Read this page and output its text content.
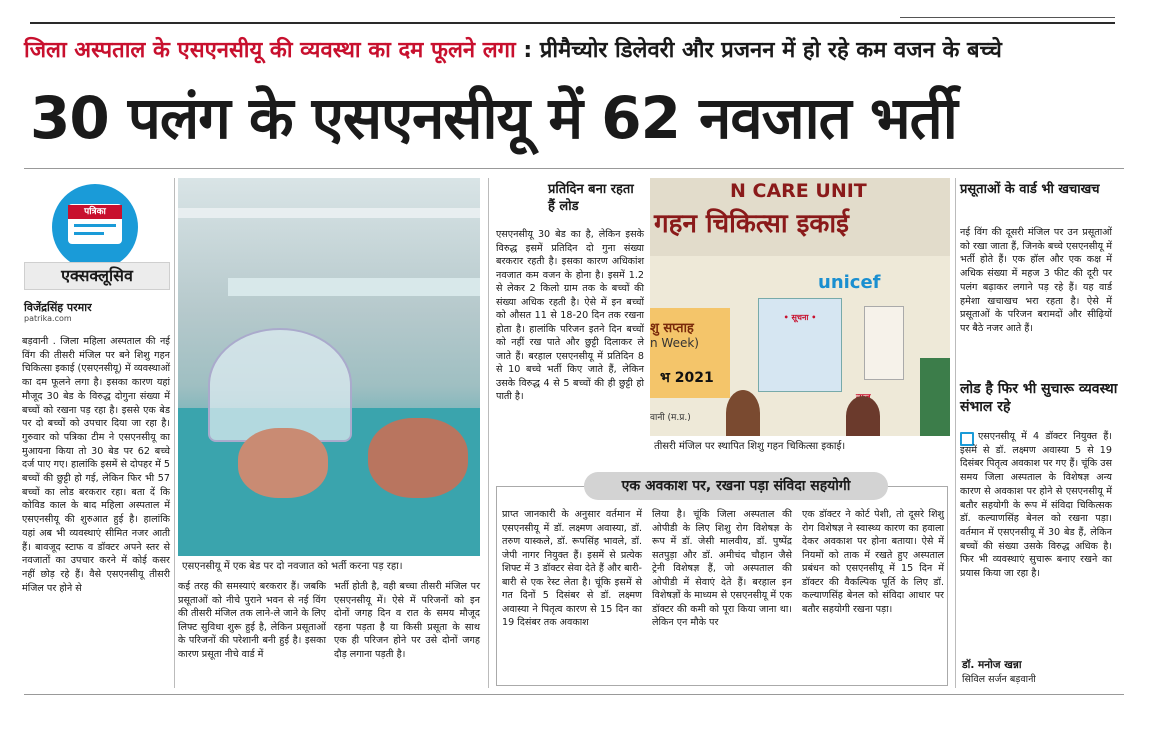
जिला अस्पताल के एसएनसीयू की व्यवस्था का दम फूलने लगा : प्रीमैच्योर डिलेवरी और प्रजनन में हो रहे कम वजन के बच्चे
30 पलंग के एसएनसीयू में 62 नवजात भर्ती
पत्रिका
एक्सक्लूसिव
विजेंद्रसिंह परमार
patrika.com
बड़वानी . जिला महिला अस्पताल की नई विंग की तीसरी मंजिल पर बने शिशु गहन चिकित्सा इकाई (एसएनसीयू) में व्यवस्थाओं का दम फूलने लगा है। इसका कारण यहां मौजूद 30 बेड के विरुद्ध दोगुना संख्या में बच्चों को रखना पड़ रहा है। इससे एक बेड पर दो बच्चों को उपचार दिया जा रहा है। गुरुवार को पत्रिका टीम ने एसएनसीयू का मुआयना किया तो 30 बेड पर 62 बच्चे दर्ज पाए गए। हालांकि इसमें से दोपहर में 5 बच्चों की छुट्टी हो गई, लेकिन फिर भी 57 बच्चों का लोड बरकरार रहा। बता दें कि कोविड काल के बाद महिला अस्पताल में एसएनसीयू की शुरुआत हुई है। हालांकि यहां अब भी व्यवस्थाएं सीमित नजर आती हैं। बावजूद स्टाफ व डॉक्टर अपने स्तर से नवजातों का उपचार करने में कोई कसर नहीं छोड़ रहे हैं। वैसे एसएनसीयू तीसरी मंजिल पर होने से
एसएनसीयू में एक बेड पर दो नवजात को भर्ती करना पड़ रहा।
कई तरह की समस्याएं बरकरार हैं। जबकि प्रसूताओं को नीचे पुराने भवन से नई विंग की तीसरी मंजिल तक लाने-ले जाने के लिए लिफ्ट सुविधा शुरू हुई है, लेकिन प्रसूताओं के परिजनों की परेशानी बनी हुई है। इसका कारण प्रसूता नीचे वार्ड में
भर्ती होती है, वही बच्चा तीसरी मंजिल पर एसएनसीयू में। ऐसे में परिजनों को इन दोनों जगह दिन व रात के समय मौजूद रहना पड़ता है या किसी प्रसूता के साथ एक ही परिजन होने पर उसे दोनों जगह दौड़ लगाना पड़ती है।
प्रतिदिन बना रहता हैं लोड
एसएनसीयू 30 बेड का है, लेकिन इसके विरुद्ध इसमें प्रतिदिन दो गुना संख्या बरकरार रहती है। इसका कारण अधिकांश नवजात कम वजन के होना है। इसमें 1.2 से लेकर 2 किलो ग्राम तक के बच्चों की संख्या अधिक रहती है। ऐसे में इन बच्चों को औसत 11 से 18-20 दिन तक रखना होता है। हालांकि परिजन इतने दिन बच्चों को नहीं रख पाते और छुट्टी दिलाकर ले जाते हैं। बरहाल एसएनसीयू में प्रतिदिन 8 से 10 बच्चे भर्ती किए जाते हैं, लेकिन उसके विरुद्ध 4 से 5 बच्चों की ही छुट्टी हो पाती है।
N CARE UNIT
गहन चिकित्सा इकाई
unicef
शु सप्ताह
n Week)
भ 2021
वानी (म.प्र.)
• सूचना •
तीसरी मंजिल पर स्थापित शिशु गहन चिकित्सा इकाई।
प्रसूताओं के वार्ड भी खचाखच
नई विंग की दूसरी मंजिल पर उन प्रसूताओं को रखा जाता हैं, जिनके बच्चे एसएनसीयू में भर्ती होते हैं। एक हॉल और एक कक्ष में अधिक संख्या में महज 3 फीट की दूरी पर पलंग बढ़ाकर लगाने पड़ रहे हैं। यह वार्ड हमेशा खचाखच भरा रहता है। ऐसे में प्रसूताओं के परिजन बरामदों और सीढ़ियों पर बैठे नजर आते हैं।
लोड है फिर भी सुचारू व्यवस्था संभाल रहे
एसएनसीयू में 4 डॉक्टर नियुक्त हैं। इसमें से डॉ. लक्ष्मण अवास्या 5 से 19 दिसंबर पितृत्व अवकाश पर गए हैं। चूंकि उस समय जिला अस्पताल के विशेषज्ञ अन्य कारण से अवकाश पर होने से एसएनसीयू में बतौर सहयोगी के रूप में संविदा चिकित्सक डॉ. कल्याणसिंह बेनल को रखना पड़ा। वर्तमान में एसएनसीयू में 30 बेड हैं, लेकिन बच्चों की संख्या उसके विरुद्ध अधिक है। फिर भी व्यवस्थाएं सुचारू बनाए रखने का प्रयास किया जा रहा है।
डॉ. मनोज खन्ना
सिविल सर्जन बड़वानी
एक अवकाश पर, रखना पड़ा संविदा सहयोगी
प्राप्त जानकारी के अनुसार वर्तमान में एसएनसीयू में डॉ. लक्ष्मण अवास्या, डॉ. तरुण यास्कले, डॉ. रूपसिंह भावले, डॉ. जेपी नागर नियुक्त हैं। इसमें से प्रत्येक शिफ्ट में 3 डॉक्टर सेवा देते हैं और बारी-बारी से एक रेस्ट लेता है। चूंकि इसमें से गत दिनों 5 दिसंबर से डॉ. लक्ष्मण अवास्या ने पितृत्व कारण से 15 दिन का 19 दिसंबर तक अवकाश
लिया है। चूंकि जिला अस्पताल की ओपीडी के लिए शिशु रोग विशेषज्ञ के रूप में डॉ. जेसी मालवीय, डॉ. पुष्पेंद्र सतपुड़ा और डॉ. अमीचंद चौहान जैसे ट्रेनी विशेषज्ञ हैं, जो अस्पताल की ओपीडी में सेवाएं देते हैं। बरहाल इन विशेषज्ञों के माध्यम से एसएनसीयू में एक डॉक्टर की कमी को पूरा किया जाना था। लेकिन एन मौके पर
एक डॉक्टर ने कोर्ट पेशी, तो दूसरे शिशु रोग विशेषज्ञ ने स्वास्थ्य कारण का हवाला देकर अवकाश पर होना बताया। ऐसे में नियमों को ताक में रखते हुए अस्पताल प्रबंधन को एसएनसीयू में 15 दिन में डॉक्टर की वैकल्पिक पूर्ति के लिए डॉ. कल्याणसिंह बेनल को संविदा आधार पर बतौर सहयोगी रखना पड़ा।
